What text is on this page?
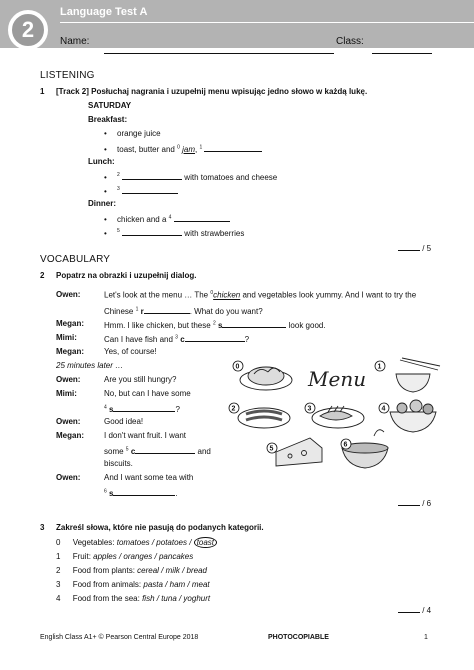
2
Language Test A
Name:	Class:
LISTENING
1 [Track 2] Posłuchaj nagrania i uzupełnij menu wpisując jedno słowo w każdą lukę.
SATURDAY
Breakfast:
• orange juice
• toast, butter and $^0$ jam, $^1$
Lunch:
• $^2$	with tomatoes and cheese
• $^3$
Dinner:
• chicken and a $^4$
• $^5$	with strawberries
/ 5
VOCABULARY
2 Popatrz na obrazki i uzupełnij dialog.
Owen:	Let's look at the menu … The $^0$chicken and vegetables look yummy. And I want to try the
Chinese $^1$ r	. What do you want?
Megan:	Hmm. I like chicken, but these $^2$ s	look good.
Mimi:	Can I have fish and $^3$ c	?
Megan:	Yes, of course!
25 minutes later …
Owen:	Are you still hungry?
Mimi:	No, but can I have some
$^4$ s	?
Owen:	Good idea!
Megan:	I don't want fruit. I want
some $^5$ c	and
biscuits.
Owen:	And I want some tea with
$^6$ s	.
Menu
0	1
2	3	4
5
6
/ 6
3 Zakreśl słowa, które nie pasują do podanych kategorii.
0 Vegetables: tomatoes / potatoes / toast
1 Fruit: apples / oranges / pancakes
2 Food from plants: cereal / milk / bread
3 Food from animals: pasta / ham / meat
4 Food from the sea: fish / tuna / yoghurt
/ 4
English Class A1+ © Pearson Central Europe 2018	PHOTOCOPIABLE	1
